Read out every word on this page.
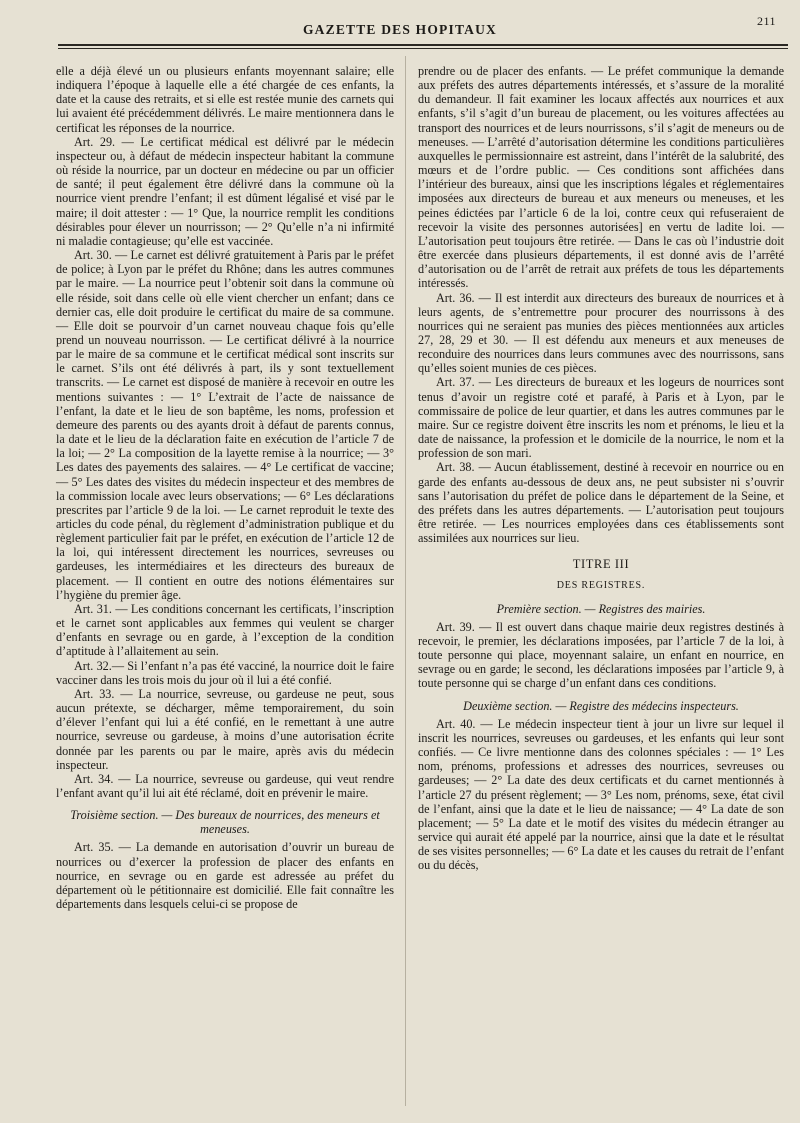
211
GAZETTE DES HOPITAUX

elle a déjà élevé un ou plusieurs enfants moyennant salaire; elle indiquera l’époque à laquelle elle a été chargée de ces enfants, la date et la cause des retraits, et si elle est restée munie des carnets qui lui avaient été précédemment délivrés. Le maire mentionnera dans le certificat les réponses de la nourrice.

Art. 29. — Le certificat médical est délivré par le médecin inspecteur ou, à défaut de médecin inspecteur habitant la commune où réside la nourrice, par un docteur en médecine ou par un officier de santé; il peut également être délivré dans la commune où la nourrice vient prendre l’enfant; il est dûment légalisé et visé par le maire; il doit attester : — 1° Que, la nourrice remplit les conditions désirables pour élever un nourrisson; — 2° Qu’elle n’a ni infirmité ni maladie contagieuse; qu’elle est vaccinée.

Art. 30. — Le carnet est délivré gratuitement à Paris par le préfet de police; à Lyon par le préfet du Rhône; dans les autres communes par le maire. — La nourrice peut l’obtenir soit dans la commune où elle réside, soit dans celle où elle vient chercher un enfant; dans ce dernier cas, elle doit produire le certificat du maire de sa commune. — Elle doit se pourvoir d’un carnet nouveau chaque fois qu’elle prend un nouveau nourrisson. — Le certificat délivré à la nourrice par le maire de sa commune et le certificat médical sont inscrits sur le carnet. S’ils ont été délivrés à part, ils y sont textuellement transcrits. — Le carnet est disposé de manière à recevoir en outre les mentions suivantes : — 1° L’extrait de l’acte de naissance de l’enfant, la date et le lieu de son baptême, les noms, profession et demeure des parents ou des ayants droit à défaut de parents connus, la date et le lieu de la déclaration faite en exécution de l’article 7 de la loi; — 2° La composition de la layette remise à la nourrice; — 3° Les dates des payements des salaires. — 4° Le certificat de vaccine; — 5° Les dates des visites du médecin inspecteur et des membres de la commission locale avec leurs observations; — 6° Les déclarations prescrites par l’article 9 de la loi. — Le carnet reproduit le texte des articles du code pénal, du règlement d’administration publique et du règlement particulier fait par le préfet, en exécution de l’article 12 de la loi, qui intéressent directement les nourrices, sevreuses ou gardeuses, les intermédiaires et les directeurs des bureaux de placement. — Il contient en outre des notions élémentaires sur l’hygiène du premier âge.

Art. 31. — Les conditions concernant les certificats, l’inscription et le carnet sont applicables aux femmes qui veulent se charger d’enfants en sevrage ou en garde, à l’exception de la condition d’aptitude à l’allaitement au sein.

Art. 32.— Si l’enfant n’a pas été vacciné, la nourrice doit le faire vacciner dans les trois mois du jour où il lui a été confié.

Art. 33. — La nourrice, sevreuse, ou gardeuse ne peut, sous aucun prétexte, se décharger, même temporairement, du soin d’élever l’enfant qui lui a été confié, en le remettant à une autre nourrice, sevreuse ou gardeuse, à moins d’une autorisation écrite donnée par les parents ou par le maire, après avis du médecin inspecteur.

Art. 34. — La nourrice, sevreuse ou gardeuse, qui veut rendre l’enfant avant qu’il lui ait été réclamé, doit en prévenir le maire.

Troisième section. — Des bureaux de nourrices, des meneurs et meneuses.

Art. 35. — La demande en autorisation d’ouvrir un bureau de nourrices ou d’exercer la profession de placer des enfants en nourrice, en sevrage ou en garde est adressée au préfet du département où le pétitionnaire est domicilié. Elle fait connaître les départements dans lesquels celui-ci se propose de

prendre ou de placer des enfants. — Le préfet communique la demande aux préfets des autres départements intéressés, et s’assure de la moralité du demandeur. Il fait examiner les locaux affectés aux nourrices et aux enfants, s’il s’agit d’un bureau de placement, ou les voitures affectées au transport des nourrices et de leurs nourrissons, s’il s’agit de meneurs ou de meneuses. — L’arrêté d’autorisation détermine les conditions particulières auxquelles le permissionnaire est astreint, dans l’intérêt de la salubrité, des mœurs et de l’ordre public. — Ces conditions sont affichées dans l’intérieur des bureaux, ainsi que les inscriptions légales et réglementaires imposées aux directeurs de bureau et aux meneurs ou meneuses, et les peines édictées par l’article 6 de la loi, contre ceux qui refuseraient de recevoir la visite des personnes autorisées] en vertu de ladite loi. — L’autorisation peut toujours être retirée. — Dans le cas où l’industrie doit être exercée dans plusieurs départements, il est donné avis de l’arrêté d’autorisation ou de l’arrêt de retrait aux préfets de tous les départements intéressés.

Art. 36. — Il est interdit aux directeurs des bureaux de nourrices et à leurs agents, de s’entremettre pour procurer des nourrissons à des nourrices qui ne seraient pas munies des pièces mentionnées aux articles 27, 28, 29 et 30. — Il est défendu aux meneurs et aux meneuses de reconduire des nourrices dans leurs communes avec des nourrissons, sans qu’elles soient munies de ces pièces.

Art. 37. — Les directeurs de bureaux et les logeurs de nourrices sont tenus d’avoir un registre coté et parafé, à Paris et à Lyon, par le commissaire de police de leur quartier, et dans les autres communes par le maire. Sur ce registre doivent être inscrits les nom et prénoms, le lieu et la date de naissance, la profession et le domicile de la nourrice, le nom et la profession de son mari.

Art. 38. — Aucun établissement, destiné à recevoir en nourrice ou en garde des enfants au-dessous de deux ans, ne peut subsister ni s’ouvrir sans l’autorisation du préfet de police dans le département de la Seine, et des préfets dans les autres départements. — L’autorisation peut toujours être retirée. — Les nourrices employées dans ces établissements sont assimilées aux nourrices sur lieu.

TITRE III

DES REGISTRES.

Première section. — Registres des mairies.

Art. 39. — Il est ouvert dans chaque mairie deux registres destinés à recevoir, le premier, les déclarations imposées, par l’article 7 de la loi, à toute personne qui place, moyennant salaire, un enfant en nourrice, en sevrage ou en garde; le second, les déclarations imposées par l’article 9, à toute personne qui se charge d’un enfant dans ces conditions.

Deuxième section. — Registre des médecins inspecteurs.

Art. 40. — Le médecin inspecteur tient à jour un livre sur lequel il inscrit les nourrices, sevreuses ou gardeuses, et les enfants qui leur sont confiés. — Ce livre mentionne dans des colonnes spéciales : — 1° Les nom, prénoms, professions et adresses des nourrices, sevreuses ou gardeuses; — 2° La date des deux certificats et du carnet mentionnés à l’article 27 du présent règlement; — 3° Les nom, prénoms, sexe, état civil de l’enfant, ainsi que la date et le lieu de naissance; — 4° La date de son placement; — 5° La date et le motif des visites du médecin étranger au service qui aurait été appelé par la nourrice, ainsi que la date et le résultat de ses visites personnelles; — 6° La date et les causes du retrait de l’enfant ou du décès,
